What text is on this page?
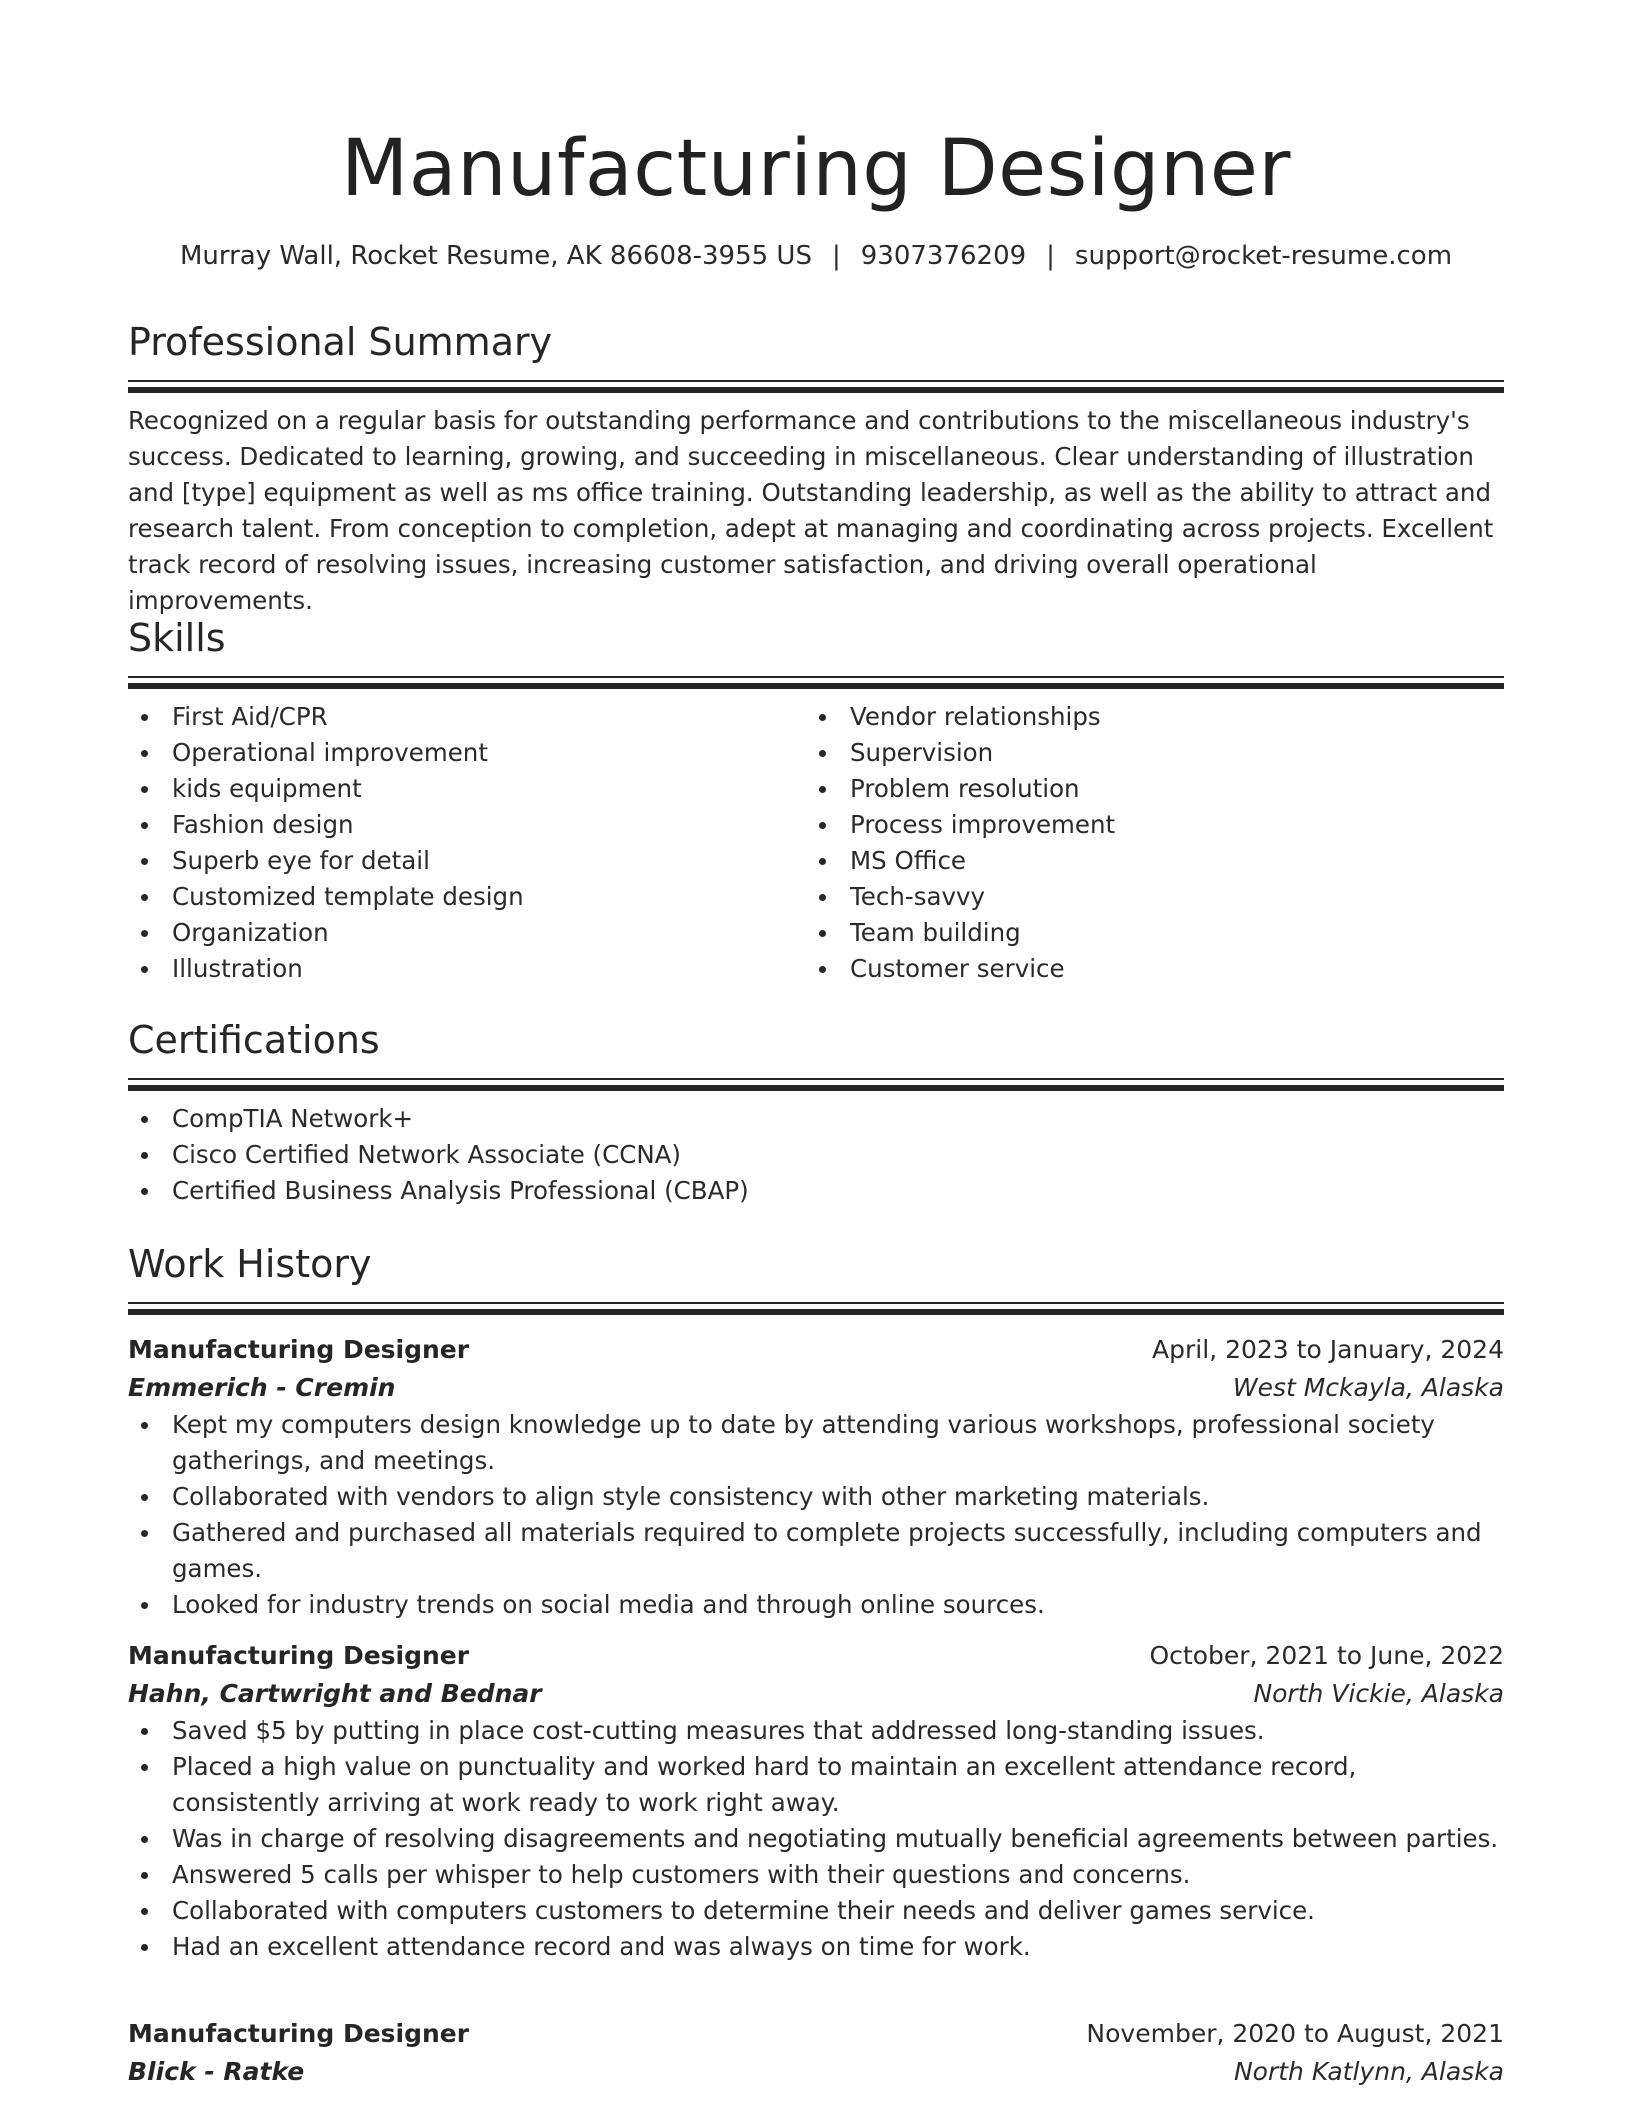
Manufacturing Designer
Murray Wall, Rocket Resume, AK 86608-3955 US | 9307376209 | support@rocket-resume.com
Professional Summary
Recognized on a regular basis for outstanding performance and contributions to the miscellaneous industry's success. Dedicated to learning, growing, and succeeding in miscellaneous. Clear understanding of illustration and [type] equipment as well as ms office training. Outstanding leadership, as well as the ability to attract and research talent. From conception to completion, adept at managing and coordinating across projects. Excellent track record of resolving issues, increasing customer satisfaction, and driving overall operational improvements.
Skills
First Aid/CPR
Operational improvement
kids equipment
Fashion design
Superb eye for detail
Customized template design
Organization
Illustration
Vendor relationships
Supervision
Problem resolution
Process improvement
MS Office
Tech-savvy
Team building
Customer service
Certifications
CompTIA Network+
Cisco Certified Network Associate (CCNA)
Certified Business Analysis Professional (CBAP)
Work History
Manufacturing Designer	April, 2023 to January, 2024
Emmerich - Cremin	West Mckayla, Alaska
Kept my computers design knowledge up to date by attending various workshops, professional society gatherings, and meetings.
Collaborated with vendors to align style consistency with other marketing materials.
Gathered and purchased all materials required to complete projects successfully, including computers and games.
Looked for industry trends on social media and through online sources.
Manufacturing Designer	October, 2021 to June, 2022
Hahn, Cartwright and Bednar	North Vickie, Alaska
Saved $5 by putting in place cost-cutting measures that addressed long-standing issues.
Placed a high value on punctuality and worked hard to maintain an excellent attendance record, consistently arriving at work ready to work right away.
Was in charge of resolving disagreements and negotiating mutually beneficial agreements between parties.
Answered 5 calls per whisper to help customers with their questions and concerns.
Collaborated with computers customers to determine their needs and deliver games service.
Had an excellent attendance record and was always on time for work.
Manufacturing Designer	November, 2020 to August, 2021
Blick - Ratke	North Katlynn, Alaska
